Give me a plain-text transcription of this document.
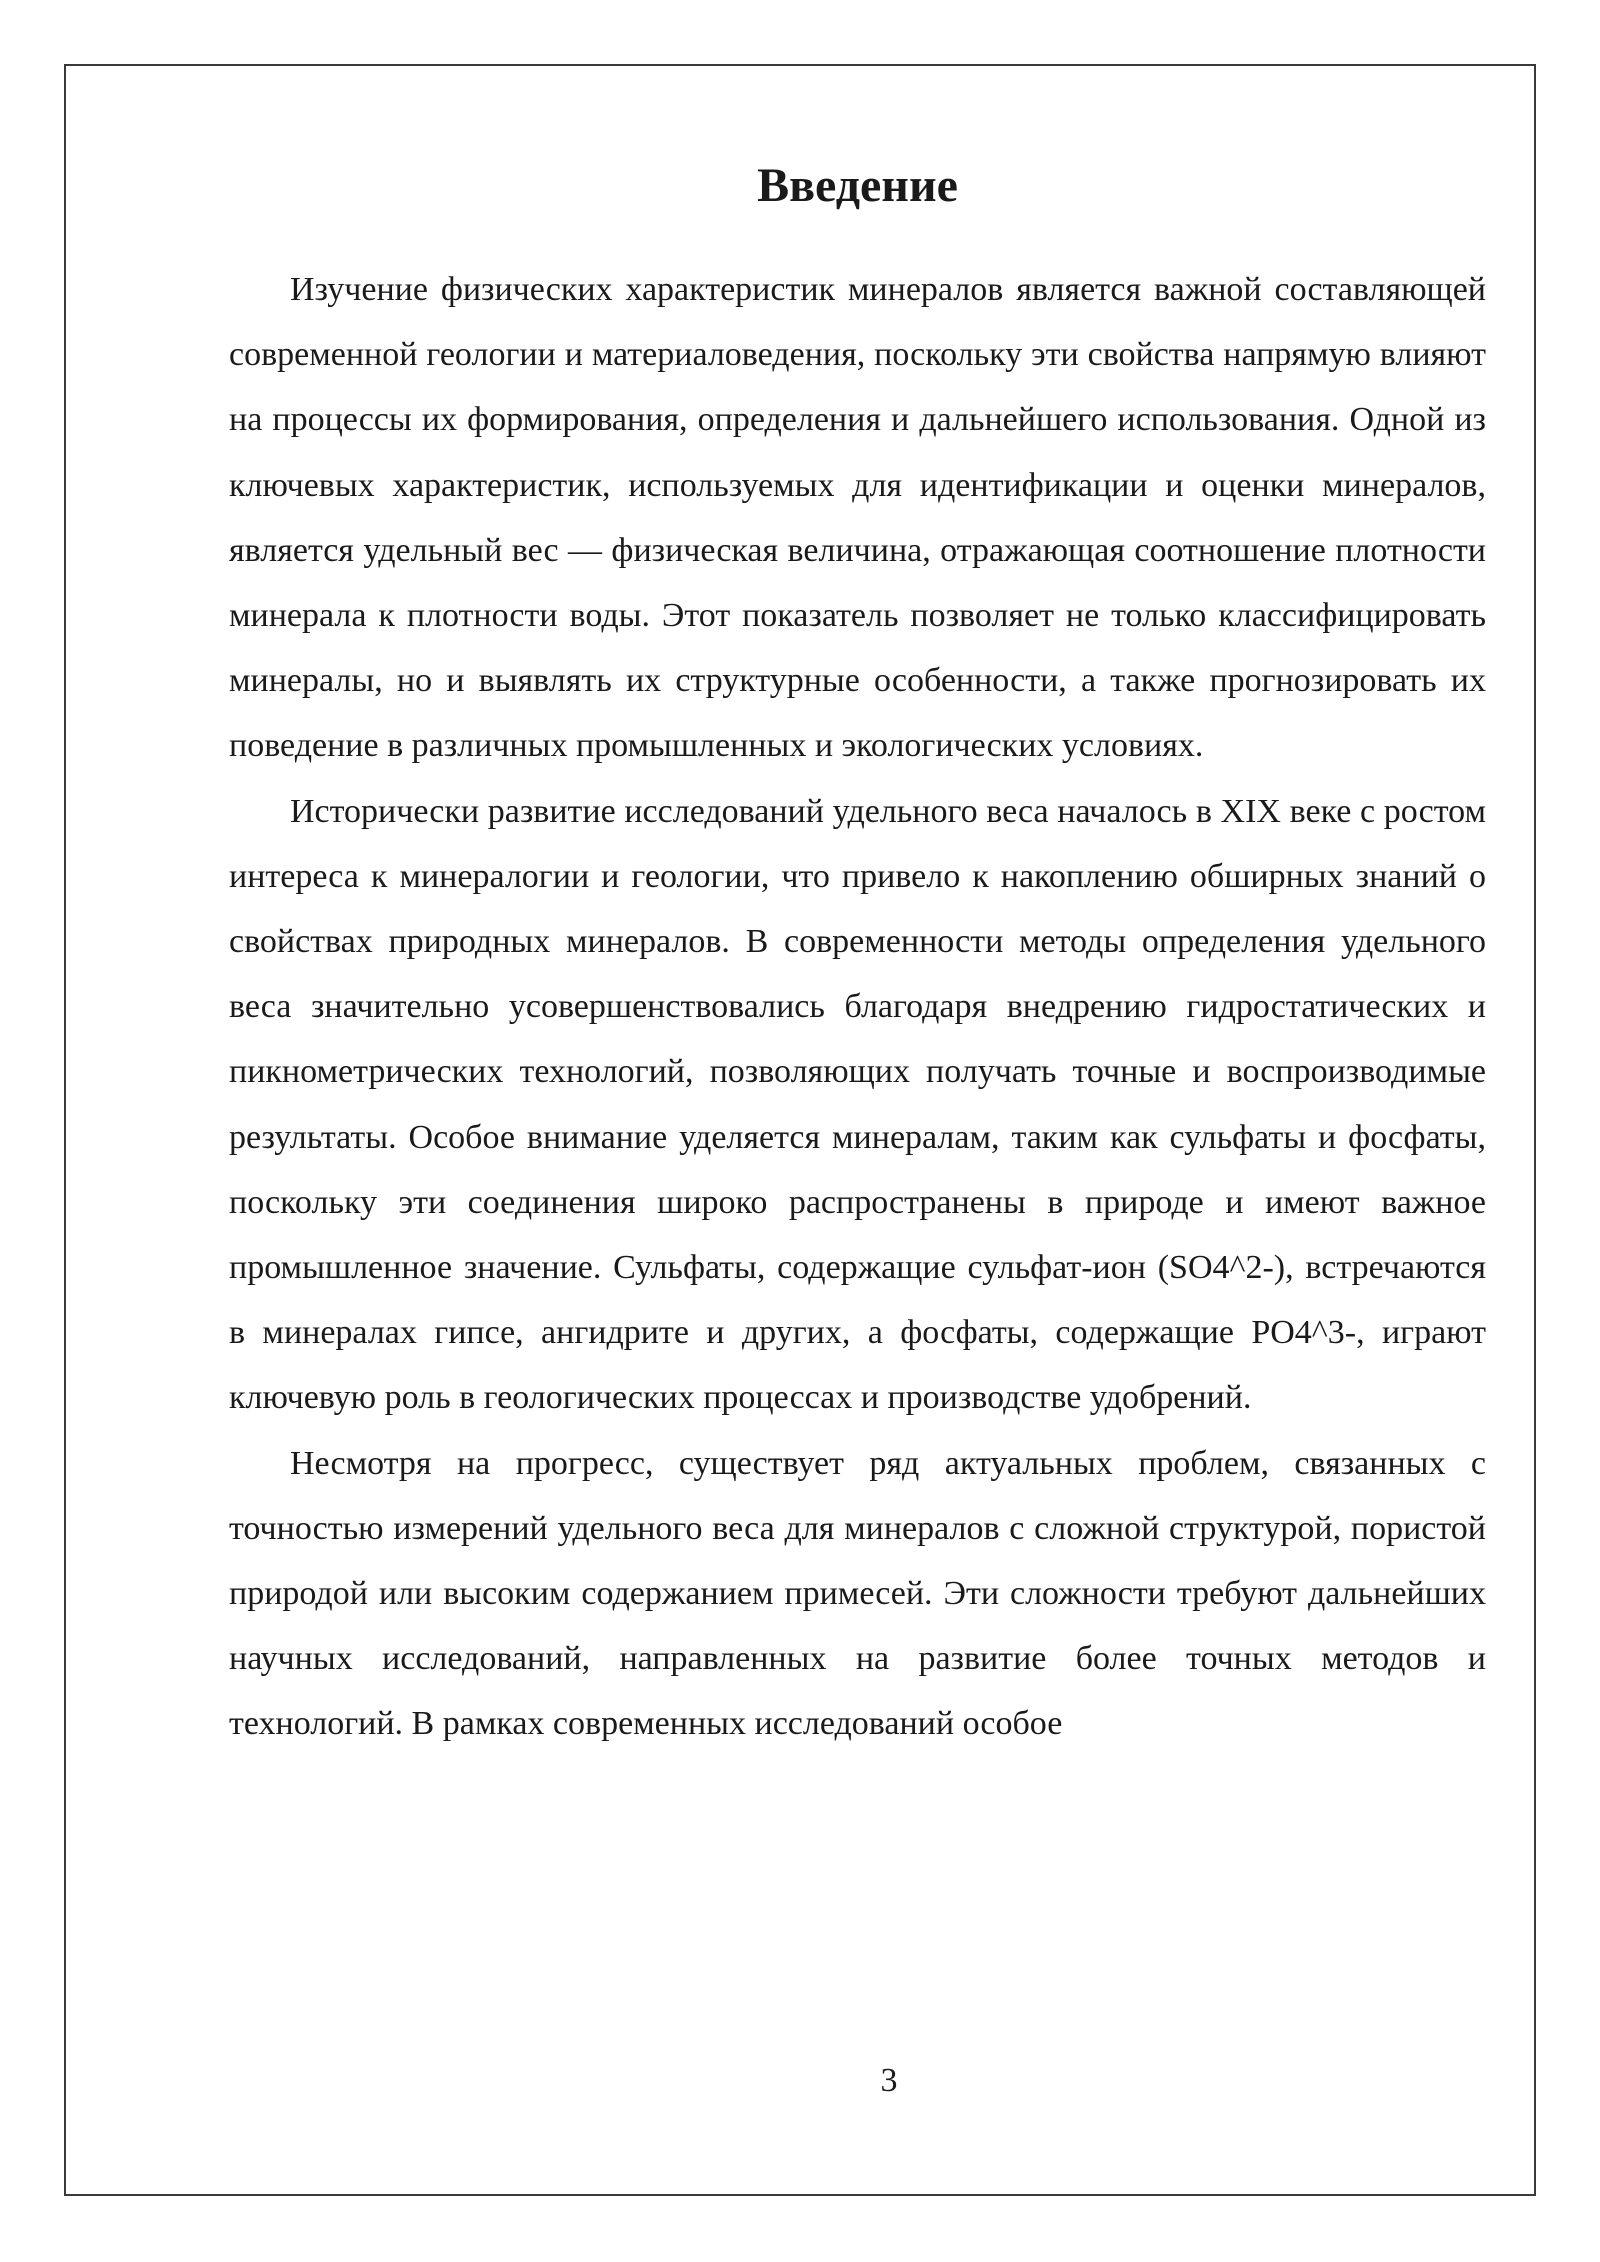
Введение

Изучение физических характеристик минералов является важной составляющей современной геологии и материаловедения, поскольку эти свойства напрямую влияют на процессы их формирования, определения и дальнейшего использования. Одной из ключевых характеристик, используемых для идентификации и оценки минералов, является удельный вес — физическая величина, отражающая соотношение плотности минерала к плотности воды. Этот показатель позволяет не только классифицировать минералы, но и выявлять их структурные особенности, а также прогнозировать их поведение в различных промышленных и экологических условиях.

Исторически развитие исследований удельного веса началось в XIX веке с ростом интереса к минералогии и геологии, что привело к накоплению обширных знаний о свойствах природных минералов. В современности методы определения удельного веса значительно усовершенствовались благодаря внедрению гидростатических и пикнометрических технологий, позволяющих получать точные и воспроизводимые результаты. Особое внимание уделяется минералам, таким как сульфаты и фосфаты, поскольку эти соединения широко распространены в природе и имеют важное промышленное значение. Сульфаты, содержащие сульфат-ион (SO4^2-), встречаются в минералах гипсе, ангидрите и других, а фосфаты, содержащие PO4^3-, играют ключевую роль в геологических процессах и производстве удобрений.

Несмотря на прогресс, существует ряд актуальных проблем, связанных с точностью измерений удельного веса для минералов с сложной структурой, пористой природой или высоким содержанием примесей. Эти сложности требуют дальнейших научных исследований, направленных на развитие более точных методов и технологий. В рамках современных исследований особое

3
